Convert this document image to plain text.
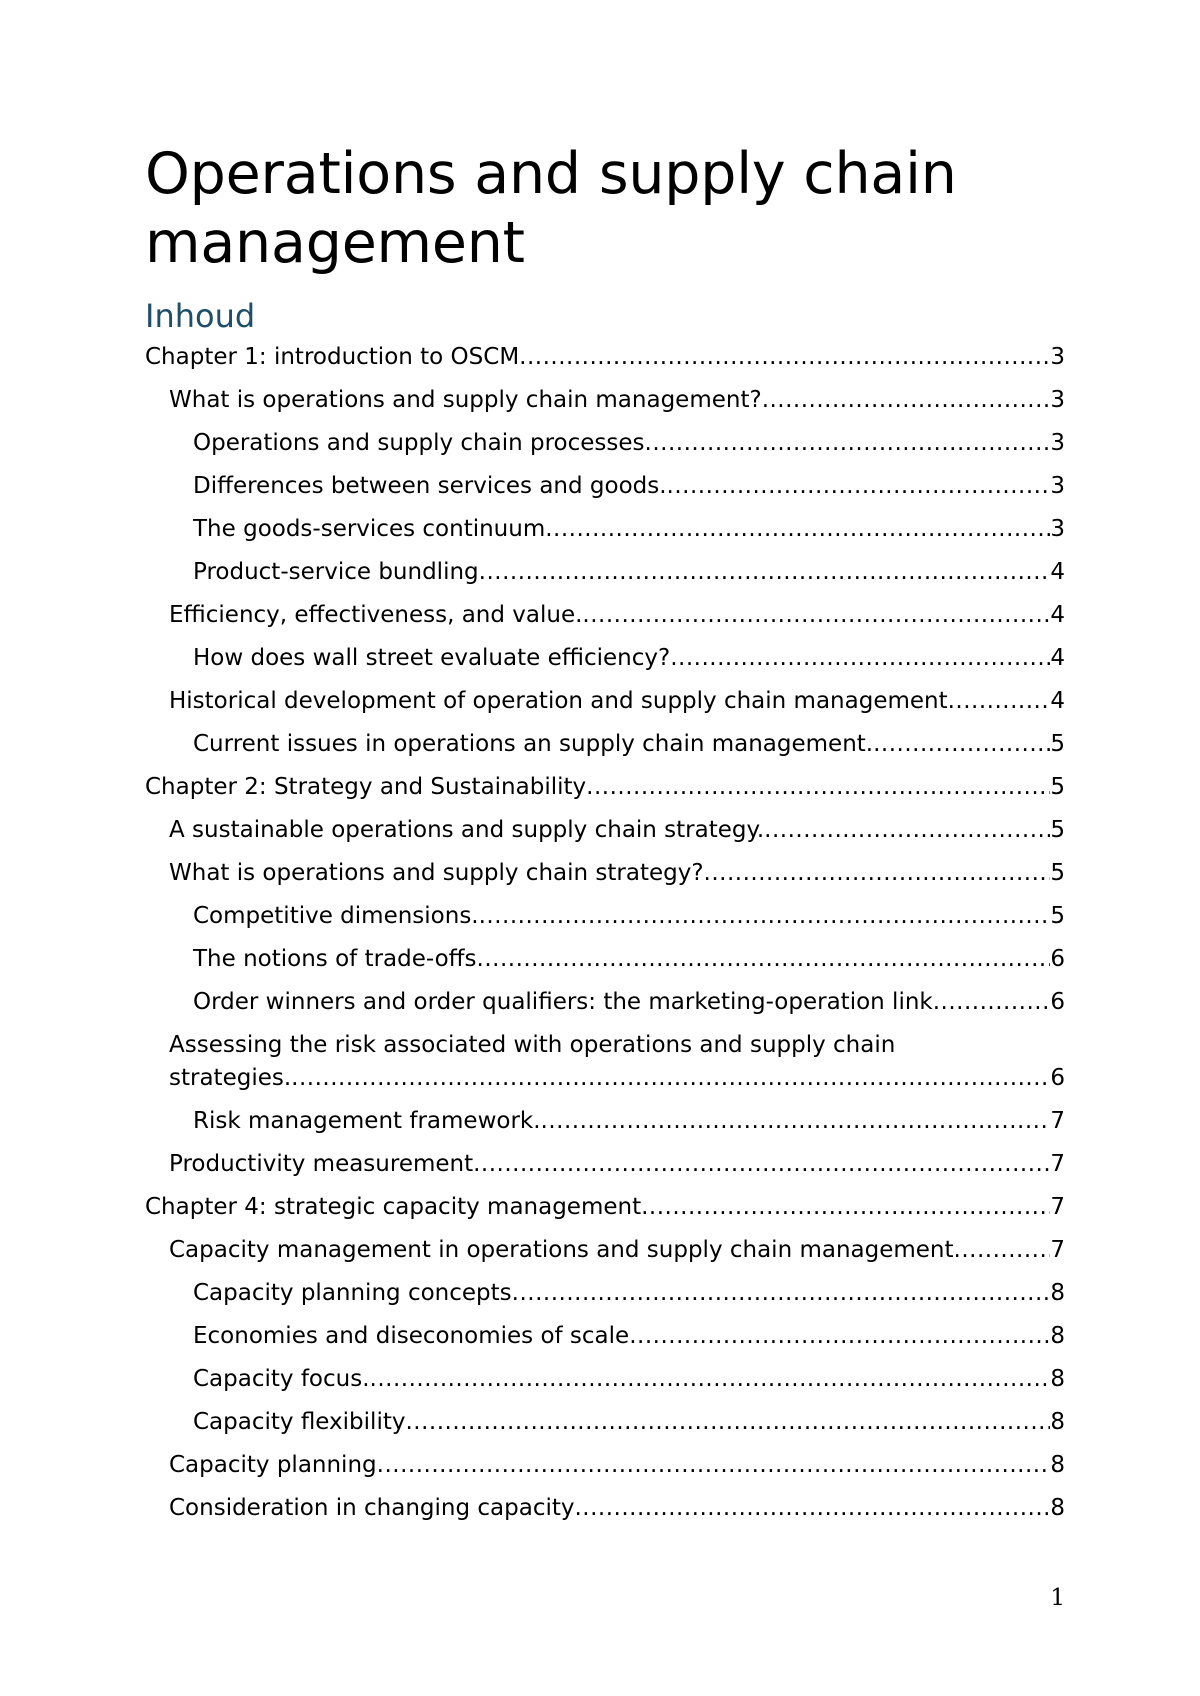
Operations and supply chain management
Inhoud
Chapter 1: introduction to OSCM .....	3
What is operations and supply chain management? .....	3
Operations and supply chain processes .....	3
Differences between services and goods. .....	3
The goods-services continuum .....	3
Product-service bundling .....	4
Efficiency, effectiveness, and value. .....	4
How does wall street evaluate efficiency? .....	4
Historical development of operation and supply chain management .....	4
Current issues in operations an supply chain management. .....	5
Chapter 2: Strategy and Sustainability .....	5
A sustainable operations and supply chain strategy. .....	5
What is operations and supply chain strategy? .....	5
Competitive dimensions. .....	5
The notions of trade-offs .....	6
Order winners and order qualifiers: the marketing-operation link .....	6
Assessing the risk associated with operations and supply chain
strategies. .....	6
Risk management framework. .....	7
Productivity measurement .....	7
Chapter 4: strategic capacity management .....	7
Capacity management in operations and supply chain management .....	7
Capacity planning concepts .....	8
Economies and diseconomies of scale .....	8
Capacity focus. .....	8
Capacity flexibility .....	8
Capacity planning .....	8
Consideration in changing capacity .....	8
1
